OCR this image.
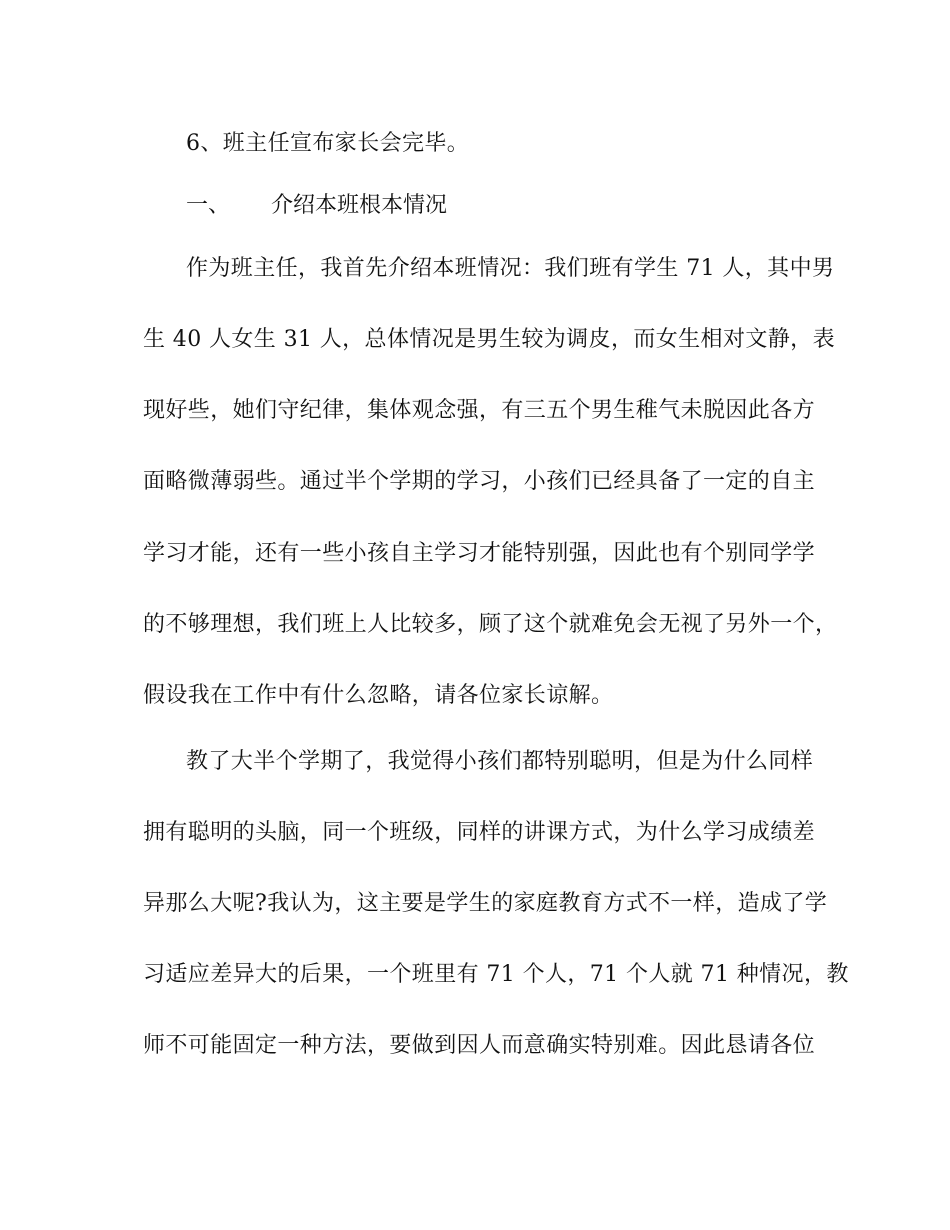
6、班主任宣布家长会完毕。
一、 介绍本班根本情况
作为班主任，我首先介绍本班情况：我们班有学生 71 人，其中男
生 40 人女生 31 人，总体情况是男生较为调皮，而女生相对文静，表
现好些，她们守纪律，集体观念强，有三五个男生稚气未脱因此各方
面略微薄弱些。通过半个学期的学习，小孩们已经具备了一定的自主
学习才能，还有一些小孩自主学习才能特别强，因此也有个别同学学
的不够理想，我们班上人比较多，顾了这个就难免会无视了另外一个，
假设我在工作中有什么忽略，请各位家长谅解。
教了大半个学期了，我觉得小孩们都特别聪明，但是为什么同样
拥有聪明的头脑，同一个班级，同样的讲课方式，为什么学习成绩差
异那么大呢?我认为，这主要是学生的家庭教育方式不一样，造成了学
习适应差异大的后果，一个班里有 71 个人，71 个人就 71 种情况，教
师不可能固定一种方法，要做到因人而意确实特别难。因此恳请各位
